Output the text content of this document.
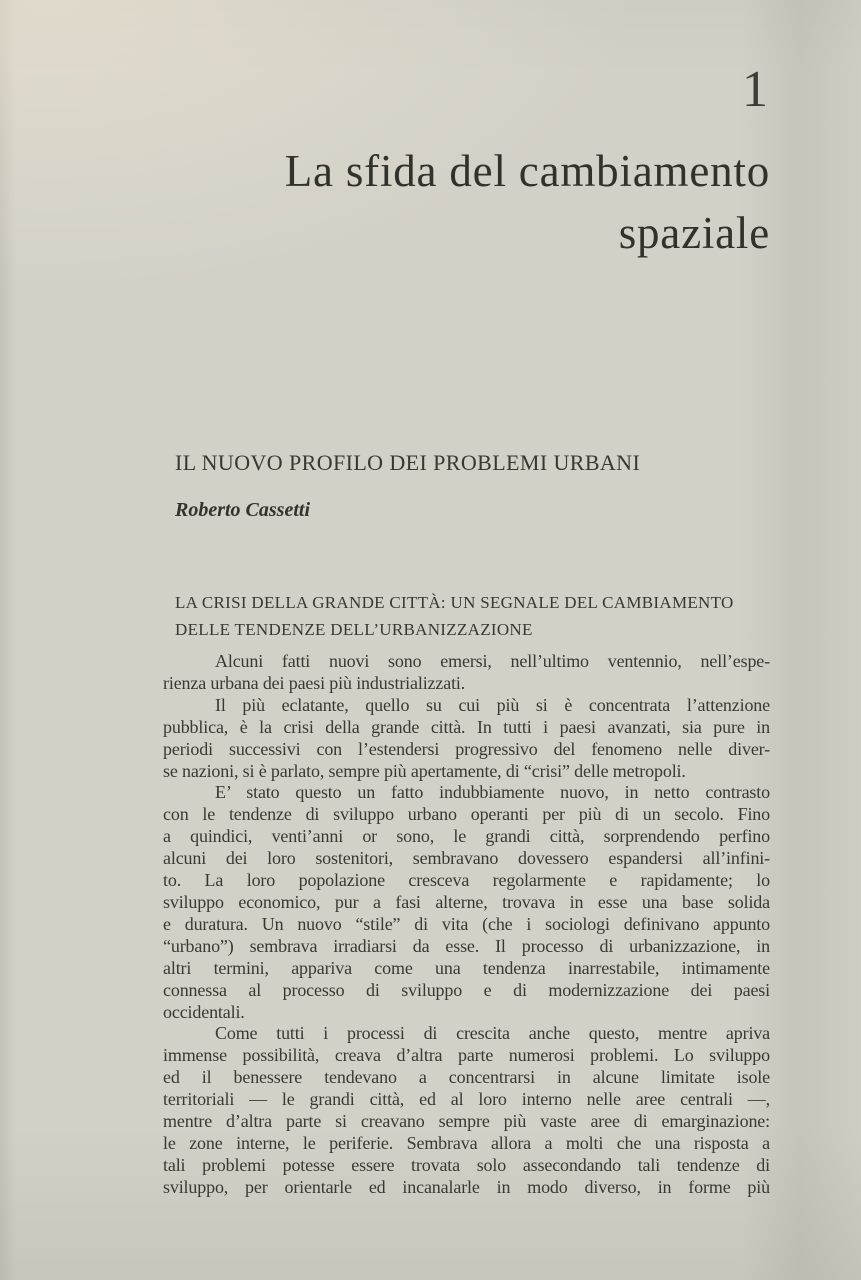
1
La sfida del cambiamento
spaziale
IL NUOVO PROFILO DEI PROBLEMI URBANI
Roberto Cassetti
LA CRISI DELLA GRANDE CITTÀ: UN SEGNALE DEL CAMBIAMENTO
DELLE TENDENZE DELL’URBANIZZAZIONE
Alcuni fatti nuovi sono emersi, nell’ultimo ventennio, nell’espe-
rienza urbana dei paesi più industrializzati.
Il più eclatante, quello su cui più si è concentrata l’attenzione
pubblica, è la crisi della grande città. In tutti i paesi avanzati, sia pure in
periodi successivi con l’estendersi progressivo del fenomeno nelle diver-
se nazioni, si è parlato, sempre più apertamente, di “crisi” delle metropoli.
E’ stato questo un fatto indubbiamente nuovo, in netto contrasto
con le tendenze di sviluppo urbano operanti per più di un secolo. Fino
a quindici, venti’anni or sono, le grandi città, sorprendendo perfino
alcuni dei loro sostenitori, sembravano dovessero espandersi all’infini-
to. La loro popolazione cresceva regolarmente e rapidamente; lo
sviluppo economico, pur a fasi alterne, trovava in esse una base solida
e duratura. Un nuovo “stile” di vita (che i sociologi definivano appunto
“urbano”) sembrava irradiarsi da esse. Il processo di urbanizzazione, in
altri termini, appariva come una tendenza inarrestabile, intimamente
connessa al processo di sviluppo e di modernizzazione dei paesi
occidentali.
Come tutti i processi di crescita anche questo, mentre apriva
immense possibilità, creava d’altra parte numerosi problemi. Lo sviluppo
ed il benessere tendevano a concentrarsi in alcune limitate isole
territoriali — le grandi città, ed al loro interno nelle aree centrali —,
mentre d’altra parte si creavano sempre più vaste aree di emarginazione:
le zone interne, le periferie. Sembrava allora a molti che una risposta a
tali problemi potesse essere trovata solo assecondando tali tendenze di
sviluppo, per orientarle ed incanalarle in modo diverso, in forme più
